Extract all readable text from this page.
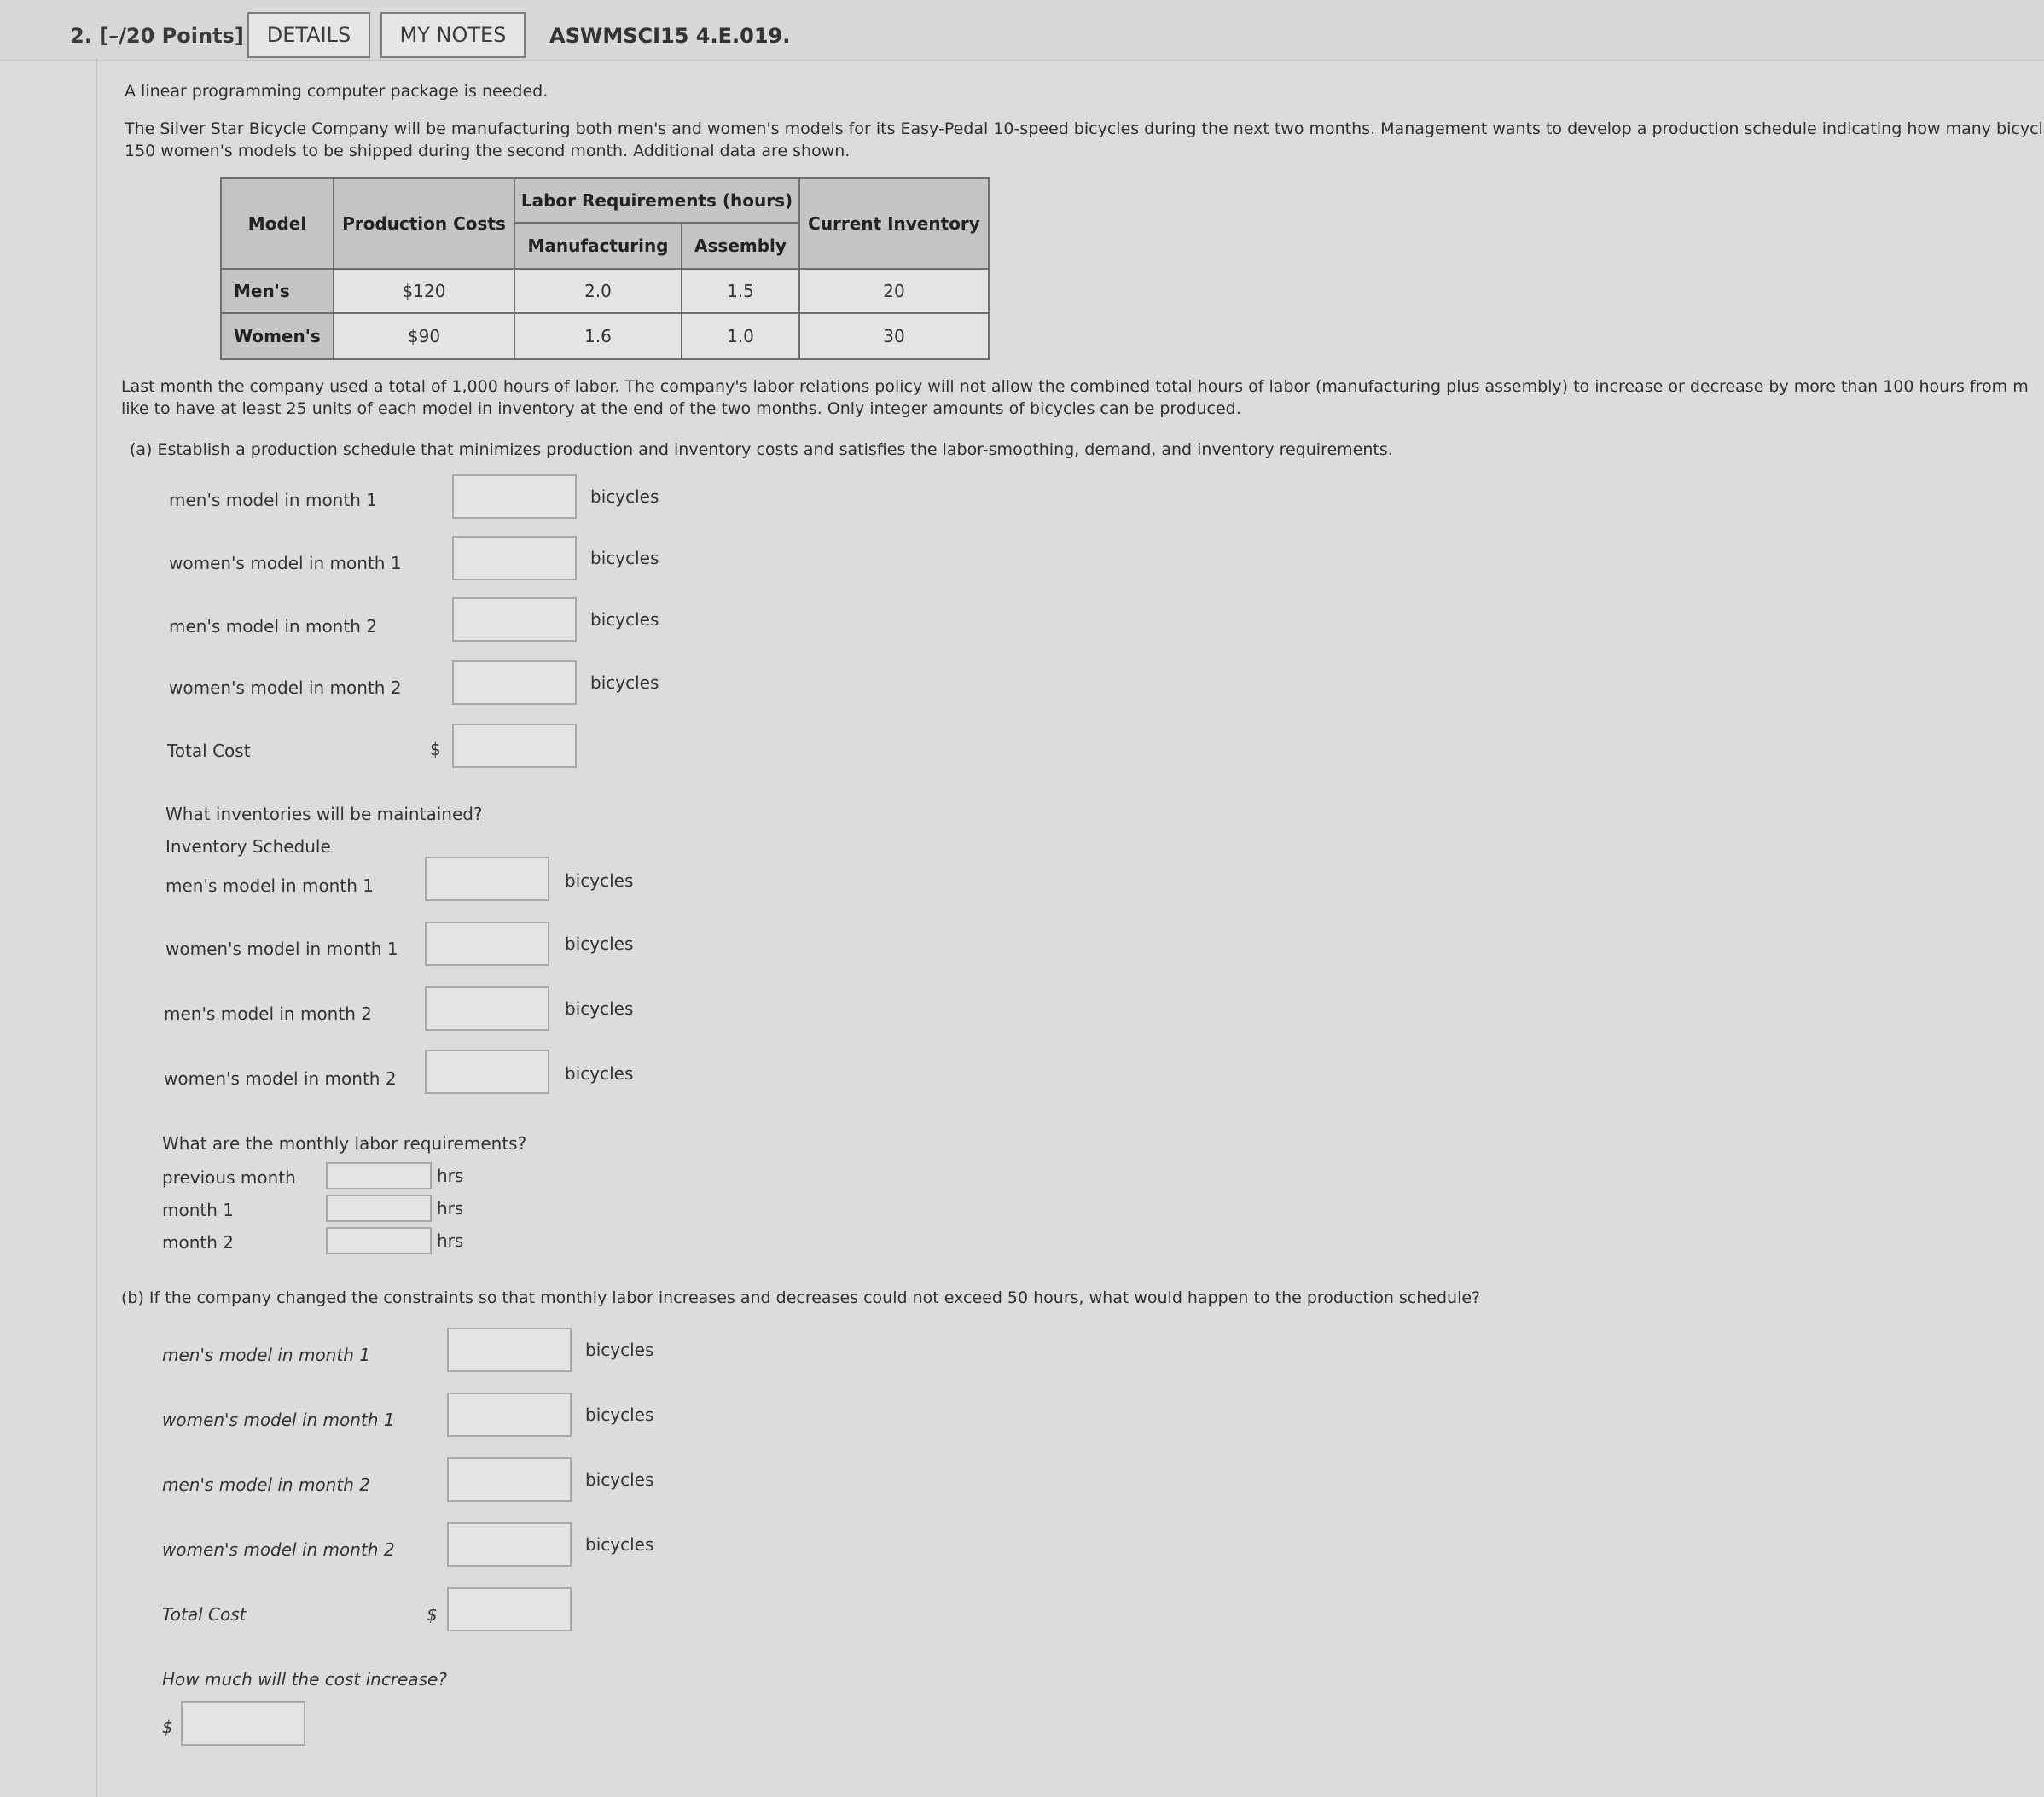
2. [–/20 Points]	DETAILS	MY NOTES	ASWMSCI15 4.E.019.
A linear programming computer package is needed.
The Silver Star Bicycle Company will be manufacturing both men's and women's models for its Easy-Pedal 10-speed bicycles during the next two months. Management wants to develop a production schedule indicating how many bicycl
150 women's models to be shipped during the second month. Additional data are shown.
Model	Production Costs	Labor Requirements (hours)		Current Inventory
		Manufacturing	Assembly	
Men's	$120	2.0	1.5	20
Women's	$90	1.6	1.0	30
Last month the company used a total of 1,000 hours of labor. The company's labor relations policy will not allow the combined total hours of labor (manufacturing plus assembly) to increase or decrease by more than 100 hours from m
like to have at least 25 units of each model in inventory at the end of the two months. Only integer amounts of bicycles can be produced.
(a) Establish a production schedule that minimizes production and inventory costs and satisfies the labor-smoothing, demand, and inventory requirements.
men's model in month 1	bicycles
women's model in month 1	bicycles
men's model in month 2	bicycles
women's model in month 2	bicycles
Total Cost	$
What inventories will be maintained?
Inventory Schedule
men's model in month 1	bicycles
women's model in month 1	bicycles
men's model in month 2	bicycles
women's model in month 2	bicycles
What are the monthly labor requirements?
previous month	hrs
month 1	hrs
month 2	hrs
(b) If the company changed the constraints so that monthly labor increases and decreases could not exceed 50 hours, what would happen to the production schedule?
men's model in month 1	bicycles
women's model in month 1	bicycles
men's model in month 2	bicycles
women's model in month 2	bicycles
Total Cost	$
How much will the cost increase?
$
